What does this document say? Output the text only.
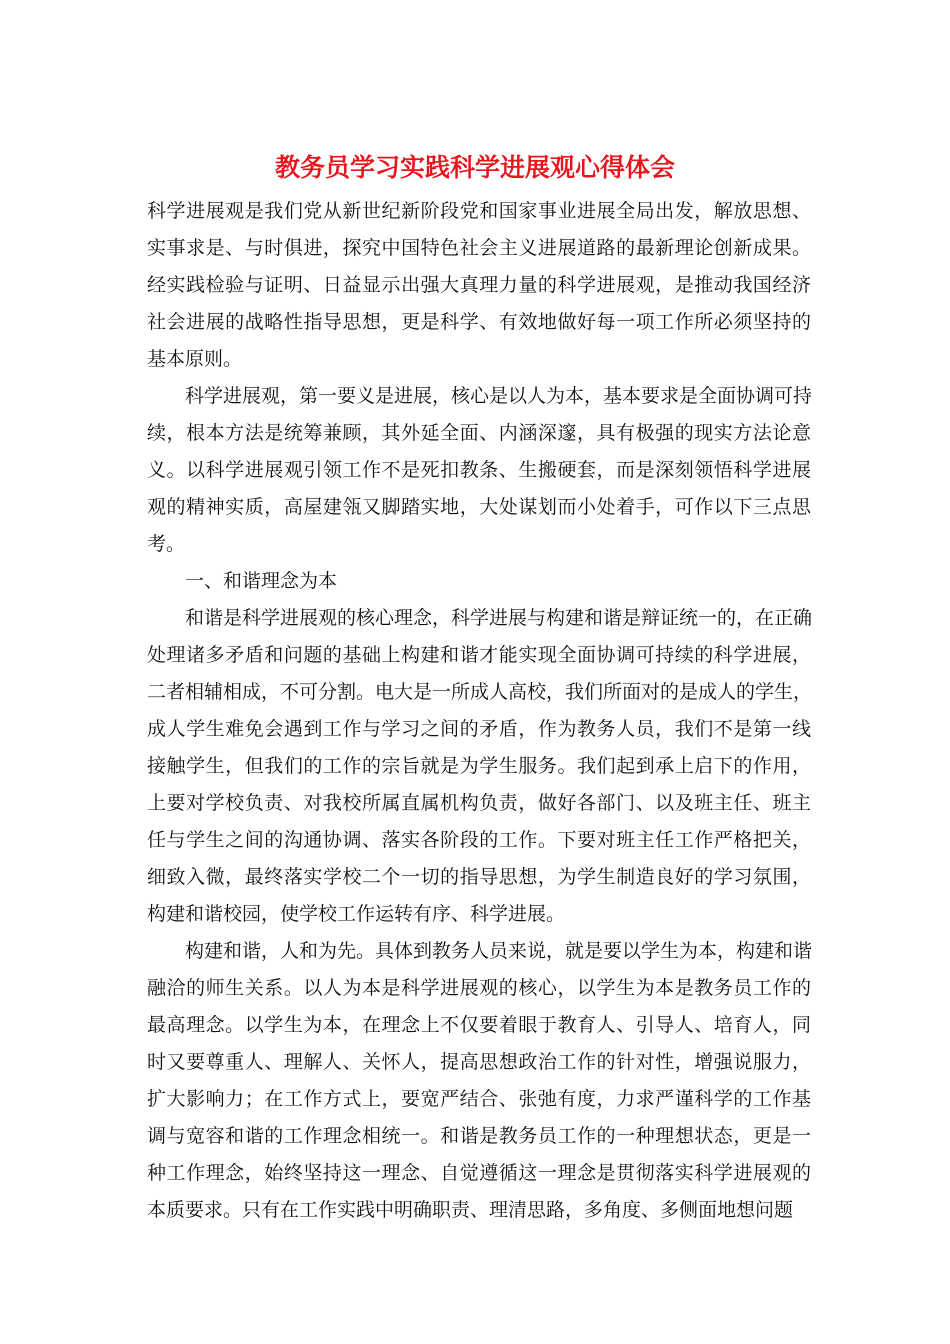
教务员学习实践科学进展观心得体会

科学进展观是我们党从新世纪新阶段党和国家事业进展全局出发，解放思想、
实事求是、与时俱进，探究中国特色社会主义进展道路的最新理论创新成果。
经实践检验与证明、日益显示出强大真理力量的科学进展观，是推动我国经济
社会进展的战略性指导思想，更是科学、有效地做好每一项工作所必须坚持的
基本原则。

科学进展观，第一要义是进展，核心是以人为本，基本要求是全面协调可持
续，根本方法是统筹兼顾，其外延全面、内涵深邃，具有极强的现实方法论意
义。以科学进展观引领工作不是死扣教条、生搬硬套，而是深刻领悟科学进展
观的精神实质，高屋建瓴又脚踏实地，大处谋划而小处着手，可作以下三点思
考。

一、和谐理念为本

和谐是科学进展观的核心理念，科学进展与构建和谐是辩证统一的，在正确
处理诸多矛盾和问题的基础上构建和谐才能实现全面协调可持续的科学进展，
二者相辅相成，不可分割。电大是一所成人高校，我们所面对的是成人的学生，
成人学生难免会遇到工作与学习之间的矛盾，作为教务人员，我们不是第一线
接触学生，但我们的工作的宗旨就是为学生服务。我们起到承上启下的作用，
上要对学校负责、对我校所属直属机构负责，做好各部门、以及班主任、班主
任与学生之间的沟通协调、落实各阶段的工作。下要对班主任工作严格把关，
细致入微，最终落实学校二个一切的指导思想，为学生制造良好的学习氛围，
构建和谐校园，使学校工作运转有序、科学进展。

构建和谐，人和为先。具体到教务人员来说，就是要以学生为本，构建和谐
融洽的师生关系。以人为本是科学进展观的核心，以学生为本是教务员工作的
最高理念。以学生为本，在理念上不仅要着眼于教育人、引导人、培育人，同
时又要尊重人、理解人、关怀人，提高思想政治工作的针对性，增强说服力，
扩大影响力；在工作方式上，要宽严结合、张弛有度，力求严谨科学的工作基
调与宽容和谐的工作理念相统一。和谐是教务员工作的一种理想状态，更是一
种工作理念，始终坚持这一理念、自觉遵循这一理念是贯彻落实科学进展观的
本质要求。只有在工作实践中明确职责、理清思路，多角度、多侧面地想问题
